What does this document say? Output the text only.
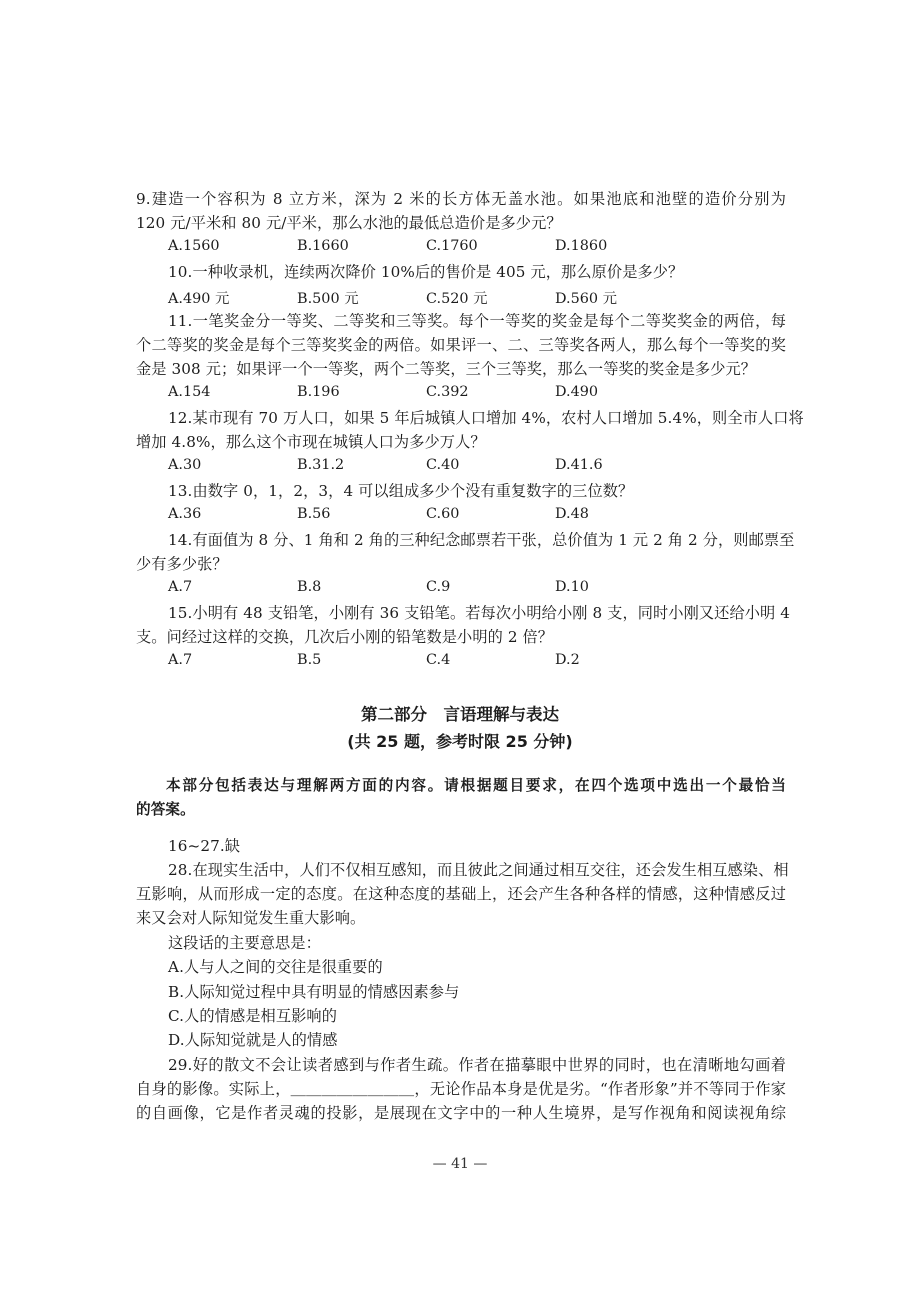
9.建造一个容积为 8 立方米，深为 2 米的长方体无盖水池。如果池底和池壁的造价分别为
120 元/平米和 80 元/平米，那么水池的最低总造价是多少元？
A.1560	B.1660	C.1760	D.1860
10.一种收录机，连续两次降价 10%后的售价是 405 元，那么原价是多少？
A.490 元	B.500 元	C.520 元	D.560 元
11.一笔奖金分一等奖、二等奖和三等奖。每个一等奖的奖金是每个二等奖奖金的两倍，每
个二等奖的奖金是每个三等奖奖金的两倍。如果评一、二、三等奖各两人，那么每个一等奖的奖
金是 308 元；如果评一个一等奖，两个二等奖，三个三等奖，那么一等奖的奖金是多少元？
A.154	B.196	C.392	D.490
12.某市现有 70 万人口，如果 5 年后城镇人口增加 4%，农村人口增加 5.4%，则全市人口将
增加 4.8%，那么这个市现在城镇人口为多少万人？
A.30	B.31.2	C.40	D.41.6
13.由数字 0，1，2，3，4 可以组成多少个没有重复数字的三位数？
A.36	B.56	C.60	D.48
14.有面值为 8 分、1 角和 2 角的三种纪念邮票若干张，总价值为 1 元 2 角 2 分，则邮票至
少有多少张？
A.7	B.8	C.9	D.10
15.小明有 48 支铅笔，小刚有 36 支铅笔。若每次小明给小刚 8 支，同时小刚又还给小明 4
支。问经过这样的交换，几次后小刚的铅笔数是小明的 2 倍？
A.7	B.5	C.4	D.2
第二部分　言语理解与表达
(共 25 题，参考时限 25 分钟)
本部分包括表达与理解两方面的内容。请根据题目要求，在四个选项中选出一个最恰当
的答案。
16~27.缺
28.在现实生活中，人们不仅相互感知，而且彼此之间通过相互交往，还会发生相互感染、相
互影响，从而形成一定的态度。在这种态度的基础上，还会产生各种各样的情感，这种情感反过
来又会对人际知觉发生重大影响。
这段话的主要意思是：
A.人与人之间的交往是很重要的
B.人际知觉过程中具有明显的情感因素参与
C.人的情感是相互影响的
D.人际知觉就是人的情感
29.好的散文不会让读者感到与作者生疏。作者在描摹眼中世界的同时，也在清晰地勾画着
自身的影像。实际上，＿＿＿＿＿＿＿＿，无论作品本身是优是劣。“作者形象”并不等同于作家
的自画像，它是作者灵魂的投影，是展现在文字中的一种人生境界，是写作视角和阅读视角综
— 41 —
